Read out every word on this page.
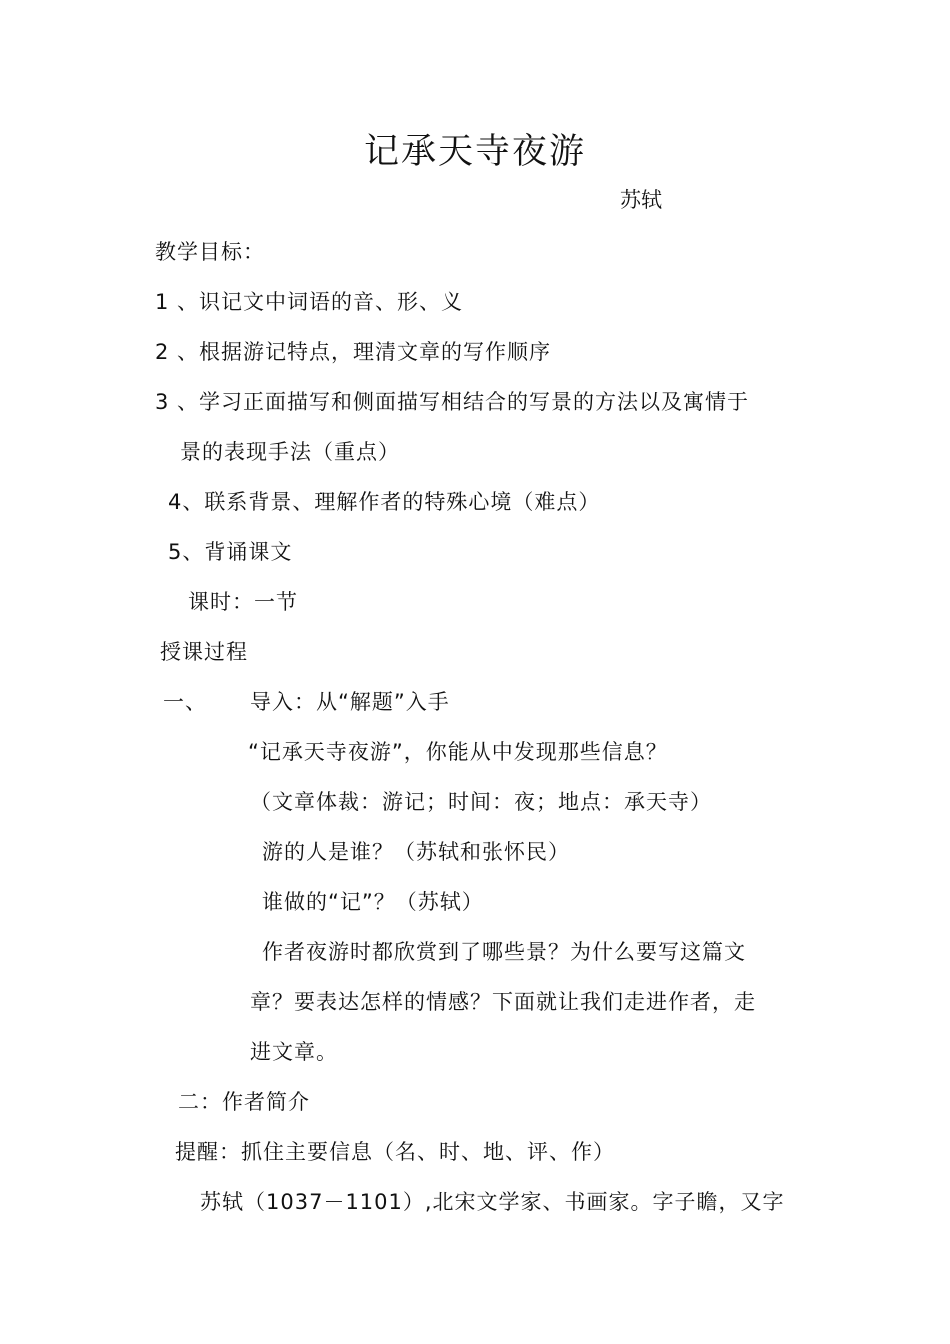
记承天寺夜游
苏轼
教学目标：
1 、识记文中词语的音、形、义
2 、根据游记特点，理清文章的写作顺序
3 、学习正面描写和侧面描写相结合的写景的方法以及寓情于
景的表现手法（重点）
4、联系背景、理解作者的特殊心境（难点）
5、背诵课文
课时：一节
授课过程
一、 导入：从“解题”入手
“记承天寺夜游”，你能从中发现那些信息？
（文章体裁：游记；时间：夜；地点：承天寺）
游的人是谁？（苏轼和张怀民）
谁做的“记”？（苏轼）
作者夜游时都欣赏到了哪些景？为什么要写这篇文
章？要表达怎样的情感？下面就让我们走进作者，走
进文章。
二：作者简介
提醒：抓住主要信息（名、时、地、评、作）
苏轼（1037－1101）,北宋文学家、书画家。字子瞻，又字
